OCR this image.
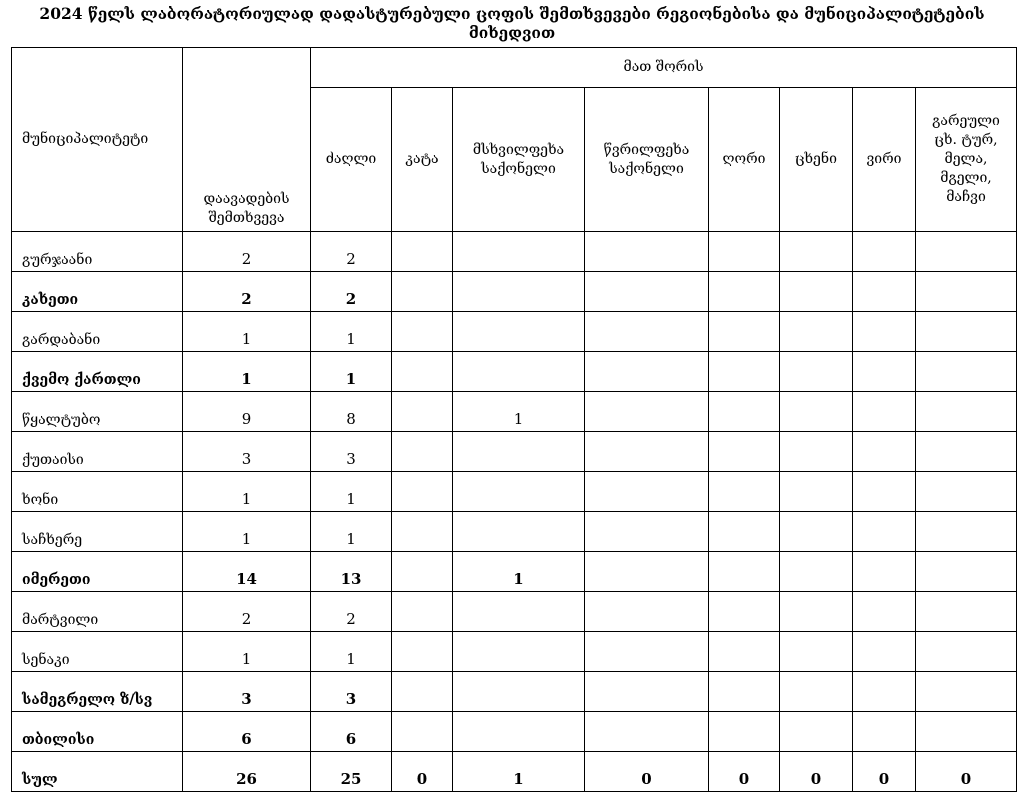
2024 წელს ლაბორატორიულად დადასტურებული ცოფის შემთხვევები რეგიონებისა და მუნიციპალიტეტების მიხედვით
მუნიციპალიტეტი	დაავადების შემთხვევა	მათ შორის							
		ძაღლი	კატა	მსხვილფეხა საქონელი	წვრილფეხა საქონელი	ღორი	ცხენი	ვირი	გარეული ცხ. ტურ, მელა, მგელი, მაჩვი
გურჯაანი	2	2							
კახეთი	2	2							
გარდაბანი	1	1							
ქვემო ქართლი	1	1							
წყალტუბო	9	8		1					
ქუთაისი	3	3							
ხონი	1	1							
საჩხერე	1	1							
იმერეთი	14	13		1					
მარტვილი	2	2							
სენაკი	1	1							
სამეგრელო ზ/სვ	3	3							
თბილისი	6	6							
სულ	26	25	0	1	0	0	0	0	0
